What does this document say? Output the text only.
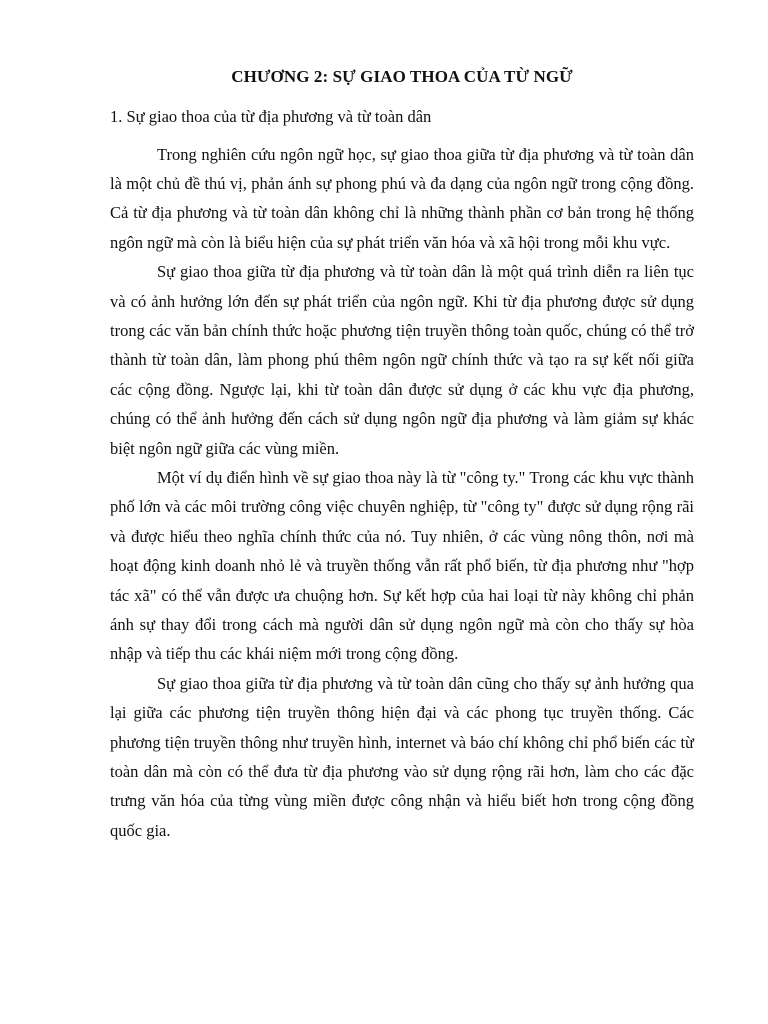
CHƯƠNG 2: SỰ GIAO THOA CỦA TỪ NGỮ
1. Sự giao thoa của từ địa phương và từ toàn dân

Trong nghiên cứu ngôn ngữ học, sự giao thoa giữa từ địa phương và từ toàn dân là một chủ đề thú vị, phản ánh sự phong phú và đa dạng của ngôn ngữ trong cộng đồng. Cả từ địa phương và từ toàn dân không chỉ là những thành phần cơ bản trong hệ thống ngôn ngữ mà còn là biểu hiện của sự phát triển văn hóa và xã hội trong mỗi khu vực.

Sự giao thoa giữa từ địa phương và từ toàn dân là một quá trình diễn ra liên tục và có ảnh hưởng lớn đến sự phát triển của ngôn ngữ. Khi từ địa phương được sử dụng trong các văn bản chính thức hoặc phương tiện truyền thông toàn quốc, chúng có thể trở thành từ toàn dân, làm phong phú thêm ngôn ngữ chính thức và tạo ra sự kết nối giữa các cộng đồng. Ngược lại, khi từ toàn dân được sử dụng ở các khu vực địa phương, chúng có thể ảnh hưởng đến cách sử dụng ngôn ngữ địa phương và làm giảm sự khác biệt ngôn ngữ giữa các vùng miền.

Một ví dụ điển hình về sự giao thoa này là từ "công ty." Trong các khu vực thành phố lớn và các môi trường công việc chuyên nghiệp, từ "công ty" được sử dụng rộng rãi và được hiểu theo nghĩa chính thức của nó. Tuy nhiên, ở các vùng nông thôn, nơi mà hoạt động kinh doanh nhỏ lẻ và truyền thống vẫn rất phổ biến, từ địa phương như "hợp tác xã" có thể vẫn được ưa chuộng hơn. Sự kết hợp của hai loại từ này không chỉ phản ánh sự thay đổi trong cách mà người dân sử dụng ngôn ngữ mà còn cho thấy sự hòa nhập và tiếp thu các khái niệm mới trong cộng đồng.

Sự giao thoa giữa từ địa phương và từ toàn dân cũng cho thấy sự ảnh hưởng qua lại giữa các phương tiện truyền thông hiện đại và các phong tục truyền thống. Các phương tiện truyền thông như truyền hình, internet và báo chí không chỉ phổ biến các từ toàn dân mà còn có thể đưa từ địa phương vào sử dụng rộng rãi hơn, làm cho các đặc trưng văn hóa của từng vùng miền được công nhận và hiểu biết hơn trong cộng đồng quốc gia.
